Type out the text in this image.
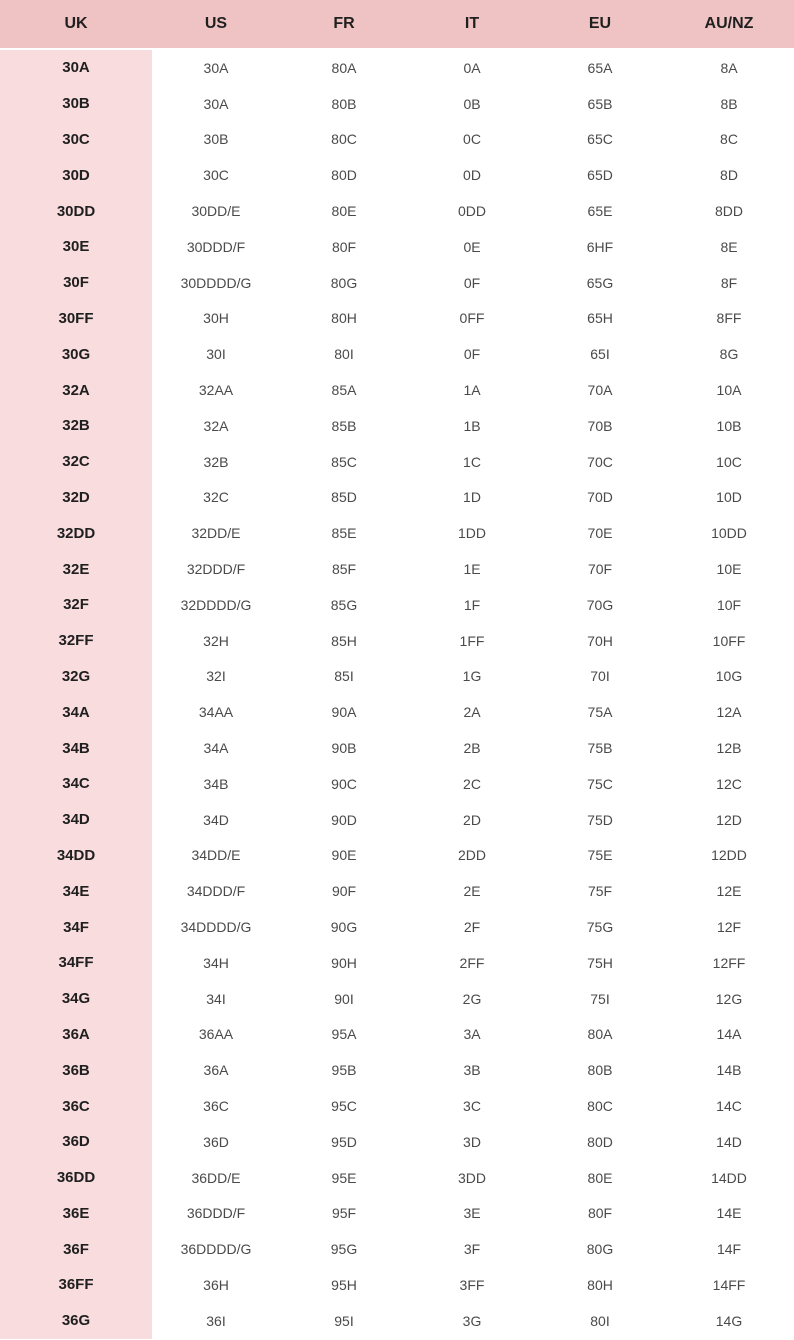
UK	US	FR	IT	EU	AU/NZ
30A	30A	80A	0A	65A	8A
30B	30A	80B	0B	65B	8B
30C	30B	80C	0C	65C	8C
30D	30C	80D	0D	65D	8D
30DD	30DD/E	80E	0DD	65E	8DD
30E	30DDD/F	80F	0E	6HF	8E
30F	30DDDD/G	80G	0F	65G	8F
30FF	30H	80H	0FF	65H	8FF
30G	30I	80I	0F	65I	8G
32A	32AA	85A	1A	70A	10A
32B	32A	85B	1B	70B	10B
32C	32B	85C	1C	70C	10C
32D	32C	85D	1D	70D	10D
32DD	32DD/E	85E	1DD	70E	10DD
32E	32DDD/F	85F	1E	70F	10E
32F	32DDDD/G	85G	1F	70G	10F
32FF	32H	85H	1FF	70H	10FF
32G	32I	85I	1G	70I	10G
34A	34AA	90A	2A	75A	12A
34B	34A	90B	2B	75B	12B
34C	34B	90C	2C	75C	12C
34D	34D	90D	2D	75D	12D
34DD	34DD/E	90E	2DD	75E	12DD
34E	34DDD/F	90F	2E	75F	12E
34F	34DDDD/G	90G	2F	75G	12F
34FF	34H	90H	2FF	75H	12FF
34G	34I	90I	2G	75I	12G
36A	36AA	95A	3A	80A	14A
36B	36A	95B	3B	80B	14B
36C	36C	95C	3C	80C	14C
36D	36D	95D	3D	80D	14D
36DD	36DD/E	95E	3DD	80E	14DD
36E	36DDD/F	95F	3E	80F	14E
36F	36DDDD/G	95G	3F	80G	14F
36FF	36H	95H	3FF	80H	14FF
36G	36I	95I	3G	80I	14G
